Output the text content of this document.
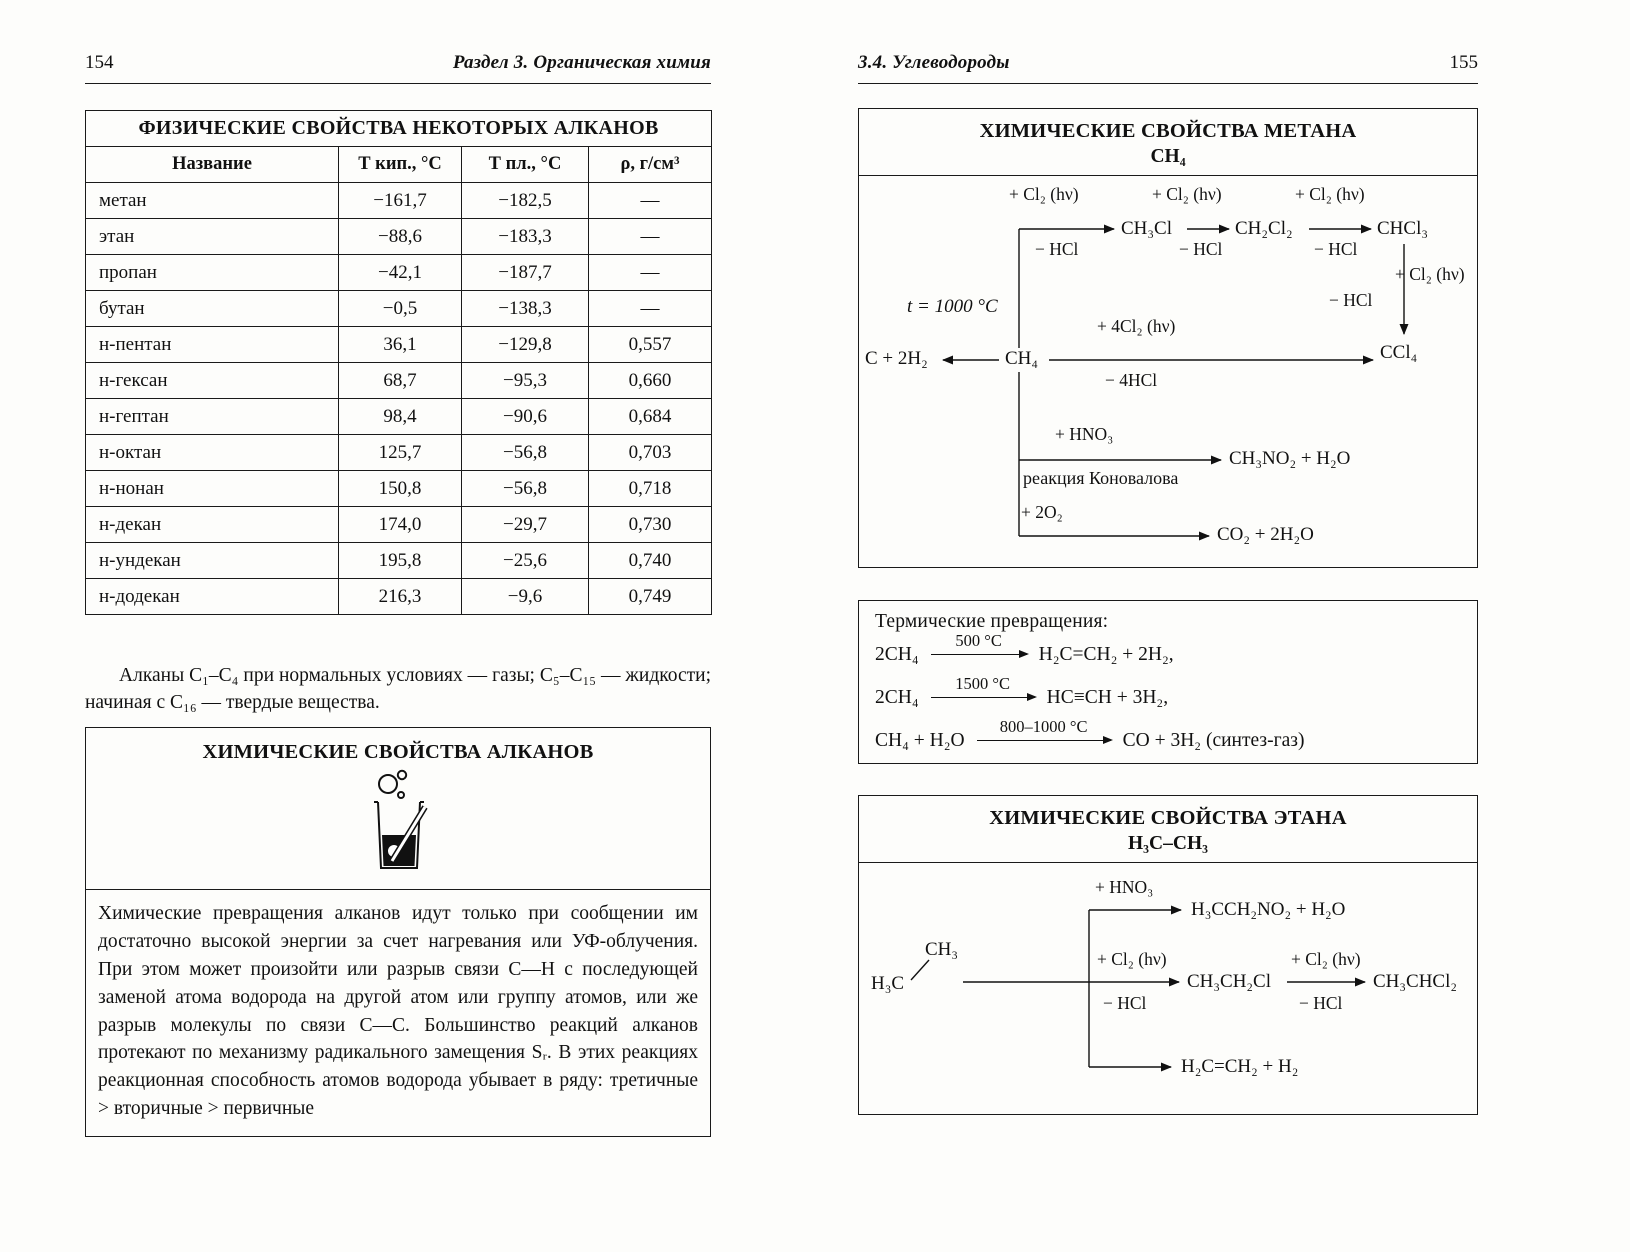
154	Раздел 3. Органическая химия
ФИЗИЧЕСКИЕ СВОЙСТВА НЕКОТОРЫХ АЛКАНОВ			
Название	Т кип., °С	Т пл., °С	ρ, г/см³
метан	−161,7	−182,5	—
этан	−88,6	−183,3	—
пропан	−42,1	−187,7	—
бутан	−0,5	−138,3	—
н-пентан	36,1	−129,8	0,557
н-гексан	68,7	−95,3	0,660
н-гептан	98,4	−90,6	0,684
н-октан	125,7	−56,8	0,703
н-нонан	150,8	−56,8	0,718
н-декан	174,0	−29,7	0,730
н-ундекан	195,8	−25,6	0,740
н-додекан	216,3	−9,6	0,749

Алканы C₁–C₄ при нормальных условиях — газы; C₅–C₁₅ — жидкости; начиная с C₁₆ — твердые вещества.

ХИМИЧЕСКИЕ СВОЙСТВА АЛКАНОВ
Химические превращения алканов идут только при сообщении им достаточно высокой энергии за счет нагревания или УФ-облучения. При этом может произойти или разрыв связи C—H с последующей заменой атома водорода на другой атом или группу атомов, или же разрыв молекулы по связи C—C. Большинство реакций алканов протекают по механизму радикального замещения Sᵣ. В этих реакциях реакционная способность атомов водорода убывает в ряду: третичные > вторичные > первичные
3.4. Углеводороды	155
ХИМИЧЕСКИЕ СВОЙСТВА МЕТАНА
CH₄
+ Cl₂ (hν)	+ Cl₂ (hν)	+ Cl₂ (hν)
CH₃Cl	CH₂Cl₂	CHCl₃
− HCl	− HCl	− HCl
+ Cl₂ (hν)
− HCl
t = 1000 °C
+ 4Cl₂ (hν)
C + 2H₂	CH₄	CCl₄
− 4HCl
+ HNO₃
CH₃NO₂ + H₂O
реакция Коновалова
+ 2O₂
CO₂ + 2H₂O
Термические превращения:
2CH₄
500 °C
H₂C=CH₂ + 2H₂,
2CH₄
1500 °C
HC≡CH + 3H₂,
CH₄ + H₂O
800–1000 °C
CO + 3H₂ (синтез-газ)
ХИМИЧЕСКИЕ СВОЙСТВА ЭТАНА
H₃C–CH₃
CH₃
H₃C
+ HNO₃
H₃CCH₂NO₂ + H₂O
+ Cl₂ (hν)
− HCl
CH₃CH₂Cl
+ Cl₂ (hν)
− HCl
CH₃CHCl₂
H₂C=CH₂ + H₂
